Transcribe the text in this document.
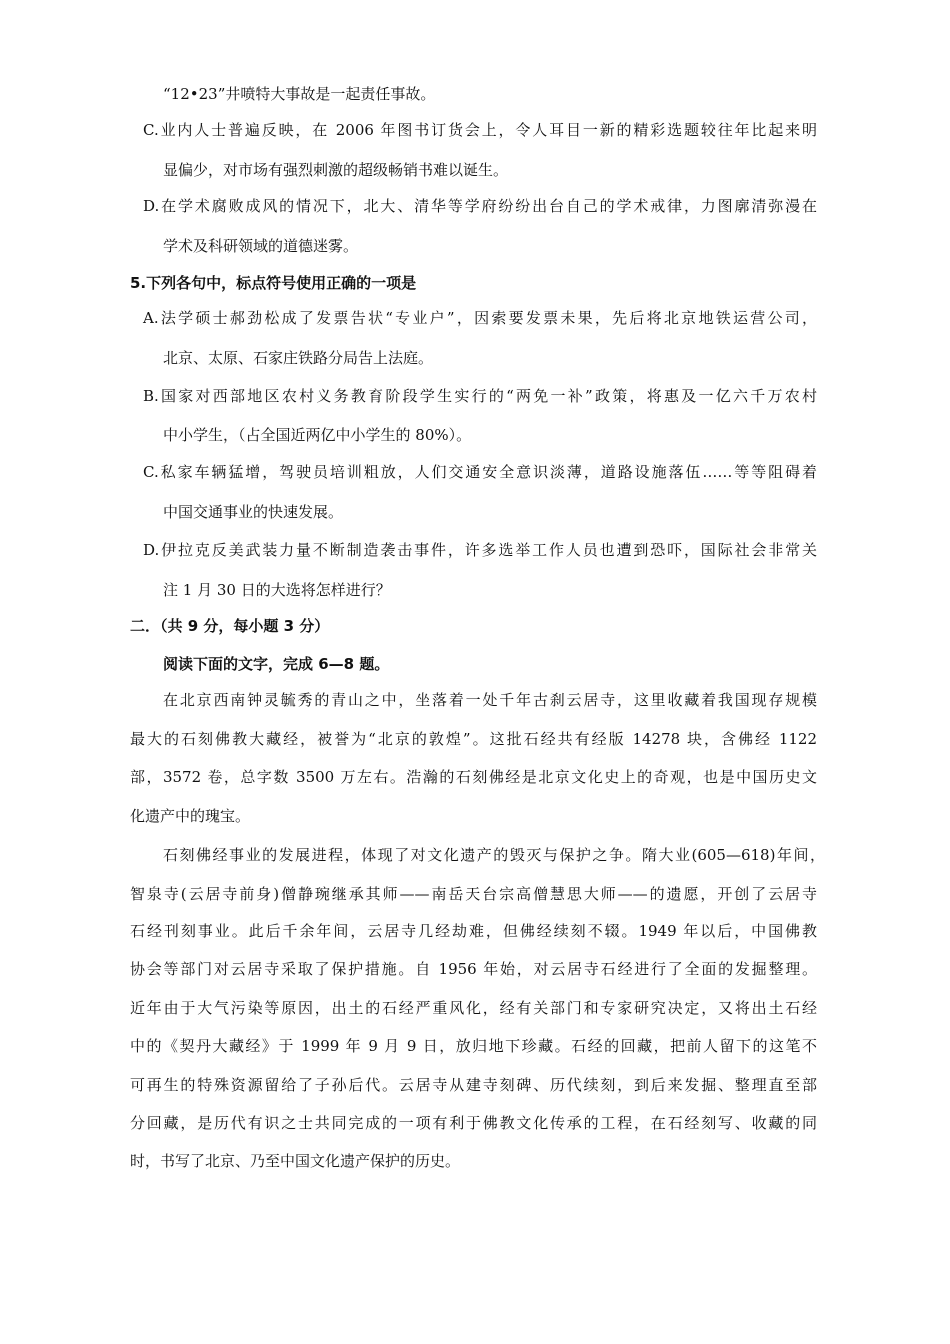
“12•23”井喷特大事故是一起责任事故。
C.业内人士普遍反映，在 2006 年图书订货会上，令人耳目一新的精彩选题较往年比起来明
显偏少，对市场有强烈刺激的超级畅销书难以诞生。
D.在学术腐败成风的情况下，北大、清华等学府纷纷出台自己的学术戒律，力图廓清弥漫在
学术及科研领域的道德迷雾。
5.下列各句中，标点符号使用正确的一项是
A.法学硕士郝劲松成了发票告状“专业户”，因索要发票未果，先后将北京地铁运营公司，
北京、太原、石家庄铁路分局告上法庭。
B.国家对西部地区农村义务教育阶段学生实行的“两免一补”政策，将惠及一亿六千万农村
中小学生，（占全国近两亿中小学生的 80%）。
C.私家车辆猛增，驾驶员培训粗放，人们交通安全意识淡薄，道路设施落伍……等等阻碍着
中国交通事业的快速发展。
D.伊拉克反美武装力量不断制造袭击事件，许多选举工作人员也遭到恐吓，国际社会非常关
注 1 月 30 日的大选将怎样进行？
二．（共 9 分，每小题 3 分）
阅读下面的文字，完成 6—8 题。
在北京西南钟灵毓秀的青山之中，坐落着一处千年古刹云居寺，这里收藏着我国现存规模
最大的石刻佛教大藏经，被誉为“北京的敦煌”。这批石经共有经版 14278 块，含佛经 1122
部，3572 卷，总字数 3500 万左右。浩瀚的石刻佛经是北京文化史上的奇观，也是中国历史文
化遗产中的瑰宝。
石刻佛经事业的发展进程，体现了对文化遗产的毁灭与保护之争。隋大业(605—618)年间，
智泉寺(云居寺前身)僧静琬继承其师——南岳天台宗高僧慧思大师——的遗愿，开创了云居寺
石经刊刻事业。此后千余年间，云居寺几经劫难，但佛经续刻不辍。1949 年以后，中国佛教
协会等部门对云居寺采取了保护措施。自 1956 年始，对云居寺石经进行了全面的发掘整理。
近年由于大气污染等原因，出土的石经严重风化，经有关部门和专家研究决定，又将出土石经
中的《契丹大藏经》于 1999 年 9 月 9 日，放归地下珍藏。石经的回藏，把前人留下的这笔不
可再生的特殊资源留给了子孙后代。云居寺从建寺刻碑、历代续刻，到后来发掘、整理直至部
分回藏，是历代有识之士共同完成的一项有利于佛教文化传承的工程，在石经刻写、收藏的同
时，书写了北京、乃至中国文化遗产保护的历史。
